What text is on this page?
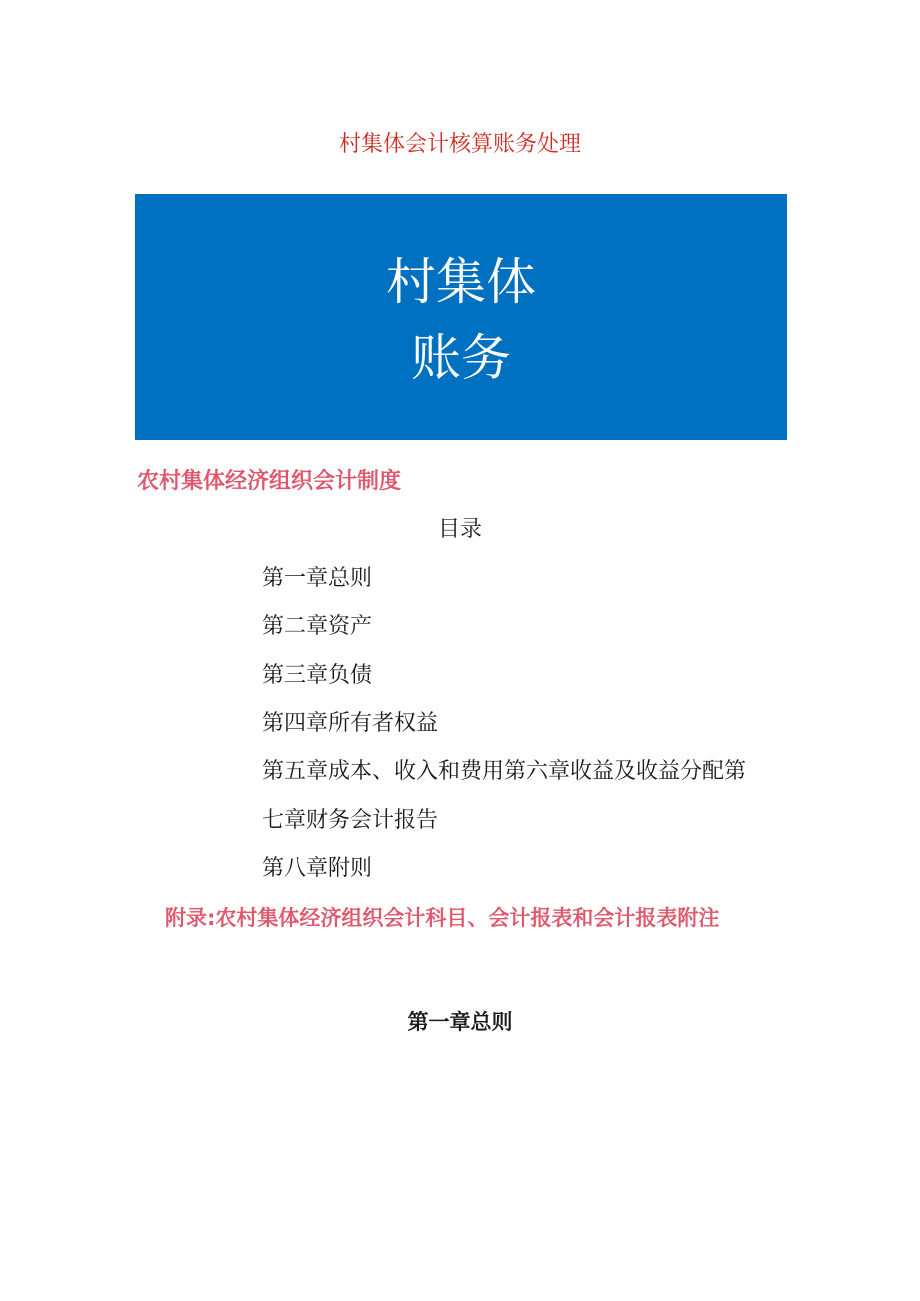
村集体会计核算账务处理
村集体
账务
农村集体经济组织会计制度
目录
第一章总则
第二章资产
第三章负债
第四章所有者权益
第五章成本、收入和费用第六章收益及收益分配第
七章财务会计报告
第八章附则
附录:农村集体经济组织会计科目、会计报表和会计报表附注
第一章总则
